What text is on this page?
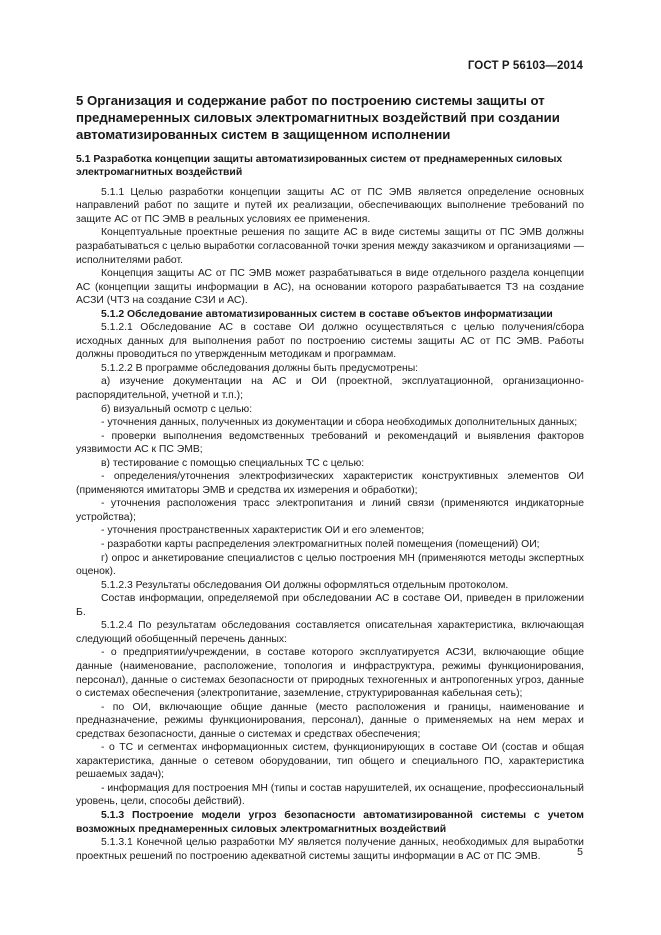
ГОСТ Р 56103—2014
5 Организация и содержание работ по построению системы защиты от преднамеренных силовых электромагнитных воздействий при создании автоматизированных систем в защищенном исполнении
5.1 Разработка концепции защиты автоматизированных систем от преднамеренных силовых электромагнитных воздействий

5.1.1 Целью разработки концепции защиты АС от ПС ЭМВ является определение основных направлений работ по защите и путей их реализации, обеспечивающих выполнение требований по защите АС от ПС ЭМВ в реальных условиях ее применения.

Концептуальные проектные решения по защите АС в виде системы защиты от ПС ЭМВ должны разрабатываться с целью выработки согласованной точки зрения между заказчиком и организациями — исполнителями работ.

Концепция защиты АС от ПС ЭМВ может разрабатываться в виде отдельного раздела концепции АС (концепции защиты информации в АС), на основании которого разрабатывается ТЗ на создание АСЗИ (ЧТЗ на создание СЗИ и АС).

5.1.2 Обследование автоматизированных систем в составе объектов информатизации

5.1.2.1 Обследование АС в составе ОИ должно осуществляться с целью получения/сбора исходных данных для выполнения работ по построению системы защиты АС от ПС ЭМВ. Работы должны проводиться по утвержденным методикам и программам.

5.1.2.2 В программе обследования должны быть предусмотрены:

а) изучение документации на АС и ОИ (проектной, эксплуатационной, организационно-распорядительной, учетной и т.п.);

б) визуальный осмотр с целью:

- уточнения данных, полученных из документации и сбора необходимых дополнительных данных;

- проверки выполнения ведомственных требований и рекомендаций и выявления факторов уязвимости АС к ПС ЭМВ;

в) тестирование с помощью специальных ТС с целью:

- определения/уточнения электрофизических характеристик конструктивных элементов ОИ (применяются имитаторы ЭМВ и средства их измерения и обработки);

- уточнения расположения трасс электропитания и линий связи (применяются индикаторные устройства);

- уточнения пространственных характеристик ОИ и его элементов;

- разработки карты распределения электромагнитных полей помещения (помещений) ОИ;

г) опрос и анкетирование специалистов с целью построения МН (применяются методы экспертных оценок).

5.1.2.3 Результаты обследования ОИ должны оформляться отдельным протоколом.

Состав информации, определяемой при обследовании АС в составе ОИ, приведен в приложении Б.

5.1.2.4 По результатам обследования составляется описательная характеристика, включающая следующий обобщенный перечень данных:

- о предприятии/учреждении, в составе которого эксплуатируется АСЗИ, включающие общие данные (наименование, расположение, топология и инфраструктура, режимы функционирования, персонал), данные о системах безопасности от природных техногенных и антропогенных угроз, данные о системах обеспечения (электропитание, заземление, структурированная кабельная сеть);

- по ОИ, включающие общие данные (место расположения и границы, наименование и предназначение, режимы функционирования, персонал), данные о применяемых на нем мерах и средствах безопасности, данные о системах и средствах обеспечения;

- о ТС и сегментах информационных систем, функционирующих в составе ОИ (состав и общая характеристика, данные о сетевом оборудовании, тип общего и специального ПО, характеристика решаемых задач);

- информация для построения МН (типы и состав нарушителей, их оснащение, профессиональный уровень, цели, способы действий).

5.1.3 Построение модели угроз безопасности автоматизированной системы с учетом возможных преднамеренных силовых электромагнитных воздействий

5.1.3.1 Конечной целью разработки МУ является получение данных, необходимых для выработки проектных решений по построению адекватной системы защиты информации в АС от ПС ЭМВ.	5
